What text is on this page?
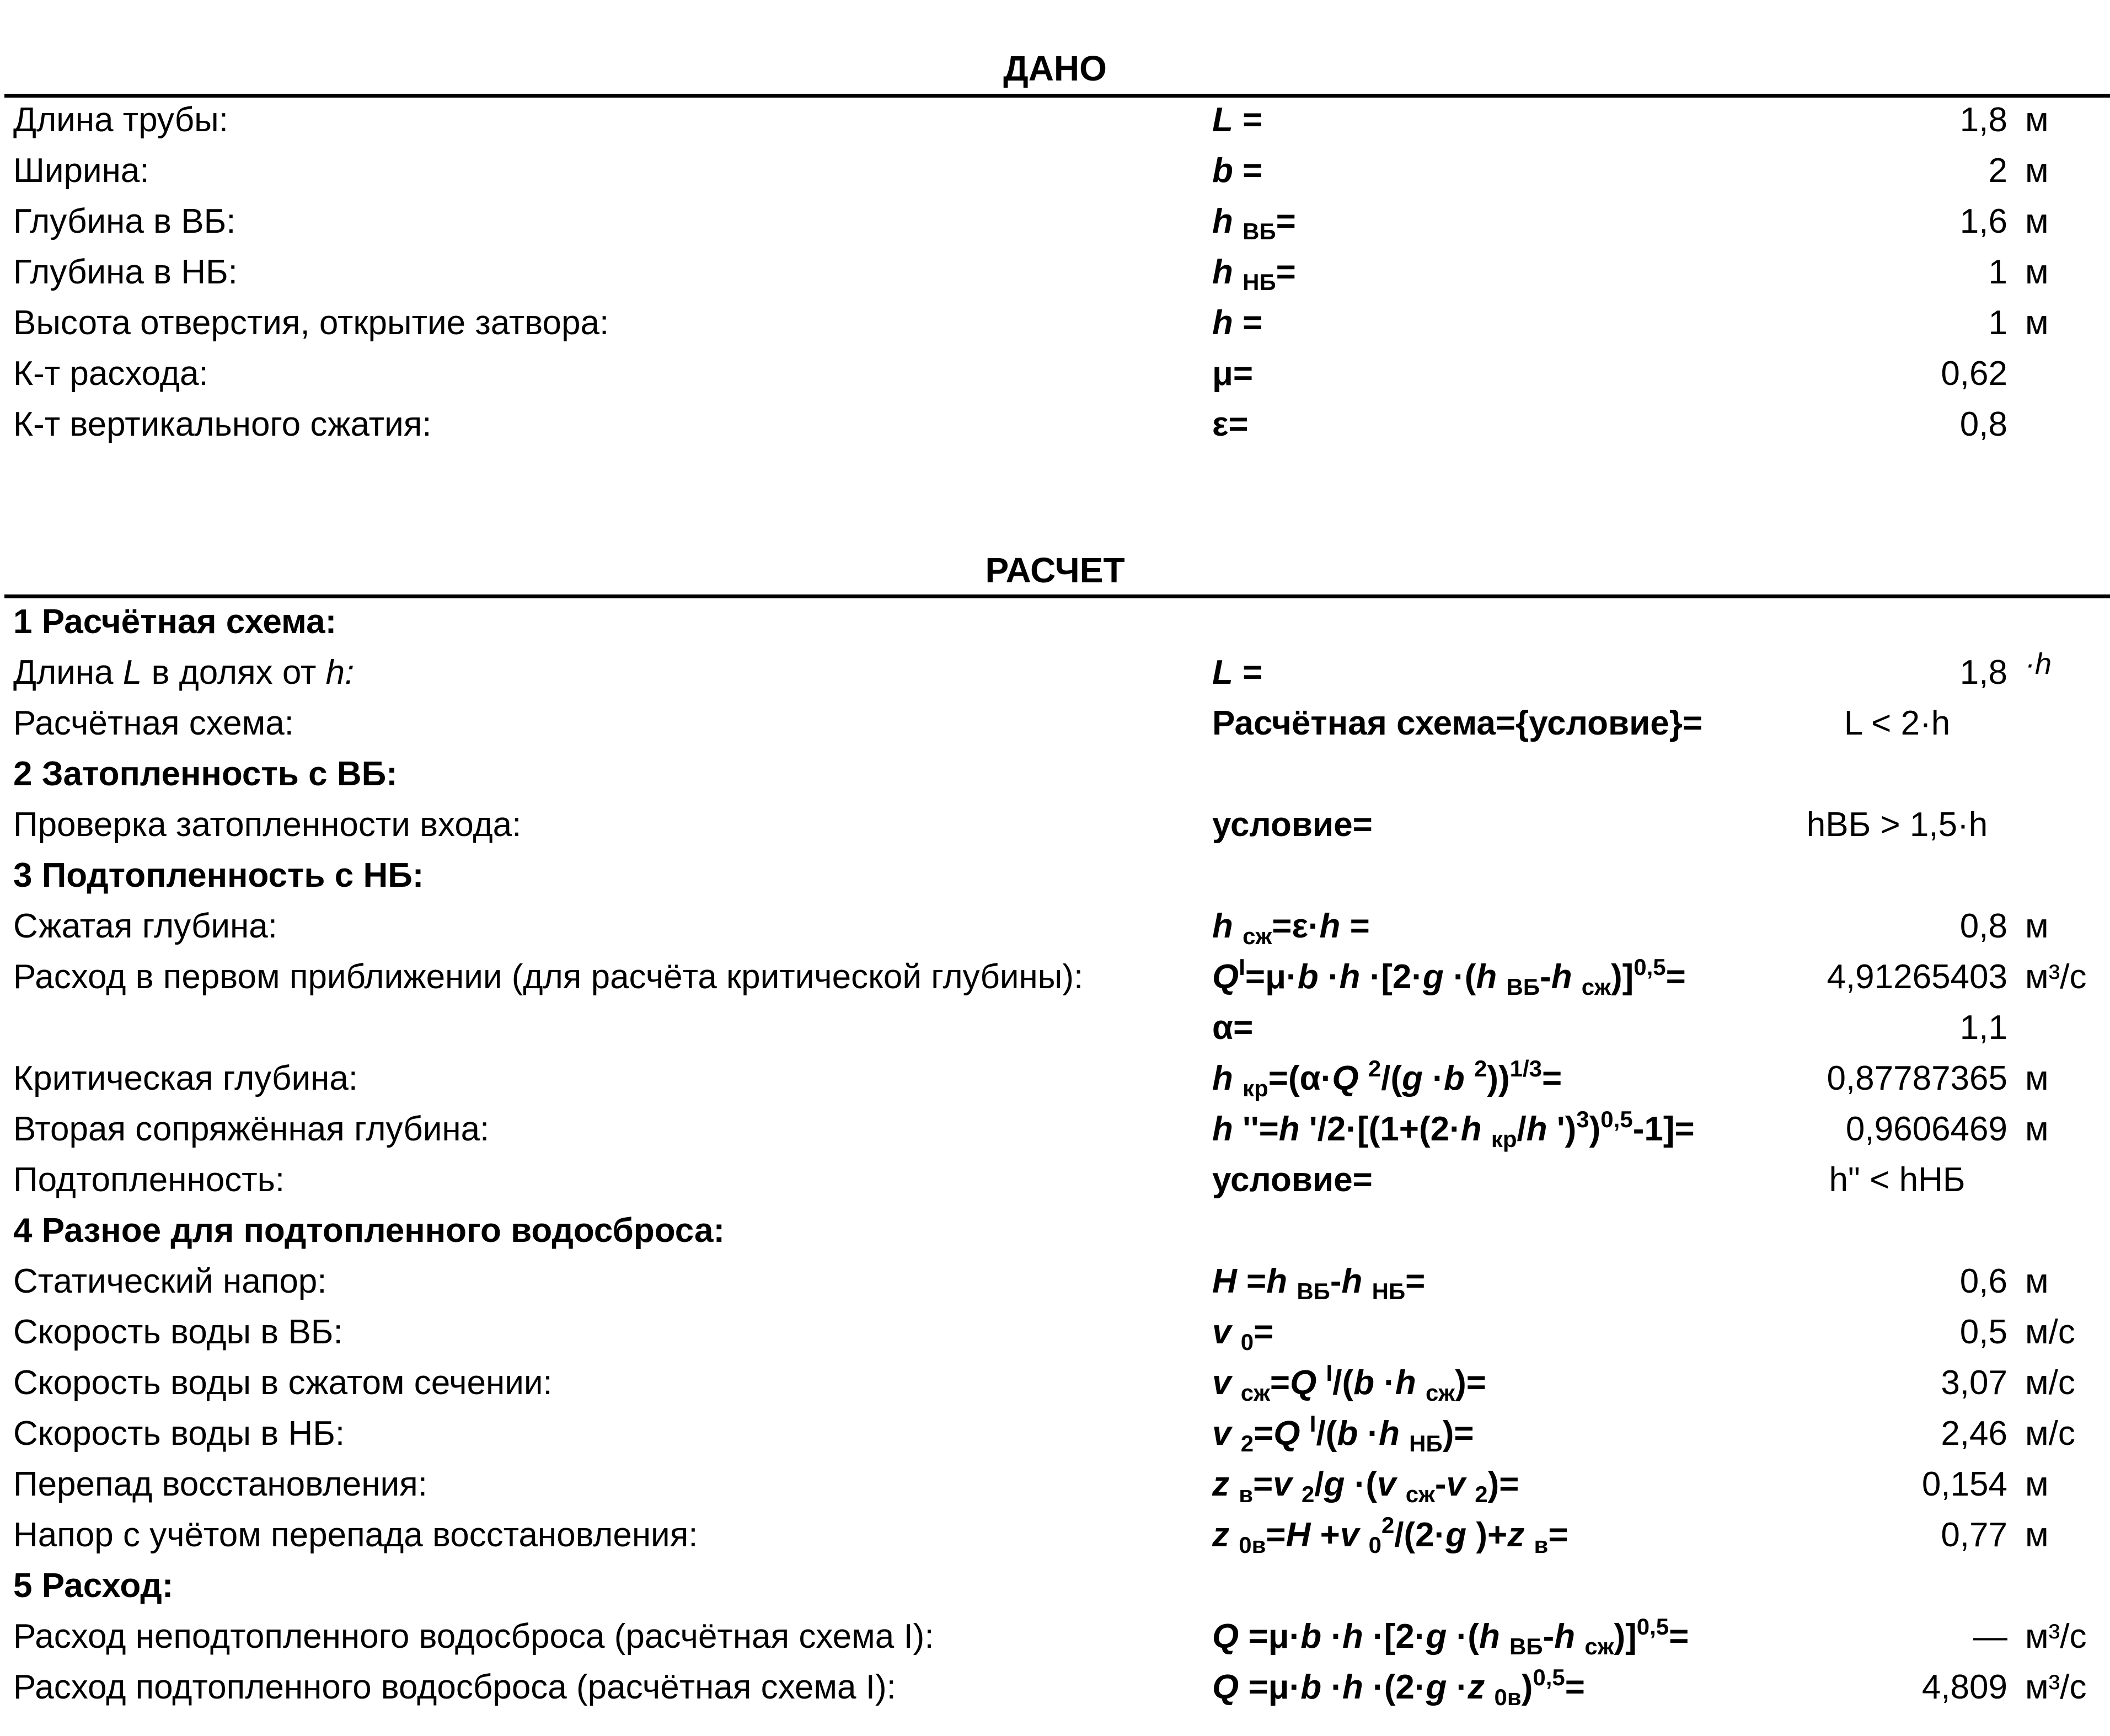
ДАНО
Длина трубы:	L =	1,8 м
Ширина:	b =	2 м
Глубина в ВБ:	h $_{ВБ}$=	1,6 м
Глубина в НБ:	h $_{НБ}$=	1 м
Высота отверстия, открытие затвора:	h =	1 м
К-т расхода:	μ=	0,62
К-т вертикального сжатия:	ε=	0,8
РАСЧЕТ
1 Расчётная схема:
Длина L в долях от h:	L =	1,8 ·h
Расчётная схема:	Расчётная схема={условие}=	L < 2·h
2 Затопленность с ВБ:
Проверка затопленности входа:	условие=	hВБ > 1,5·h
3 Подтопленность с НБ:
Сжатая глубина:	h $_{сж}$=ε·h =	0,8 м
Расход в первом приближении (для расчёта критической глубины):	$Q^I=\mu\cdot b \cdot h \cdot[2\cdot g \cdot(h$ $_{ВБ}$-h $_{сж}$)]$^{0,5}$=	4,91265403 м³/с
α=	1,1
Критическая глубина:	h $_{кр}$=(α·Q $^2$/(g ·b $^2$))$^{1/3}$=	0,87787365 м
Вторая сопряжённая глубина:	h ''=h '/2·[(1+(2·h $_{кр}$/h ')$^3$)$^{0,5}$-1]=	0,9606469 м
Подтопленность:	условие=	h" < hНБ
4 Разное для подтопленного водосброса:
Статический напор:	H =h $_{ВБ}$-h $_{НБ}$=	0,6 м
Скорость воды в ВБ:	v $_0$=	0,5 м/с
Скорость воды в сжатом сечении:	v $_{сж}$=Q $^I$/(b ·h $_{сж}$)=	3,07 м/с
Скорость воды в НБ:	v $_2$=Q $^I$/(b ·h $_{НБ}$)=	2,46 м/с
Перепад восстановления:	z $_в$=v $_2$/g ·(v $_{сж}$-v $_2$)=	0,154 м
Напор с учётом перепада восстановления:	z $_{0в}$=H +v $_0^2$/(2·g )+z $_в$=	0,77 м
5 Расход:
Расход неподтопленного водосброса (расчётная схема I):	Q =μ·b ·h ·[2·g ·(h $_{ВБ}$-h $_{сж}$)]$^{0,5}$=	— м³/с
Расход подтопленного водосброса (расчётная схема I):	Q =μ·b ·h ·(2·g ·z $_{0в}$)$^{0,5}$=	4,809 м³/с
